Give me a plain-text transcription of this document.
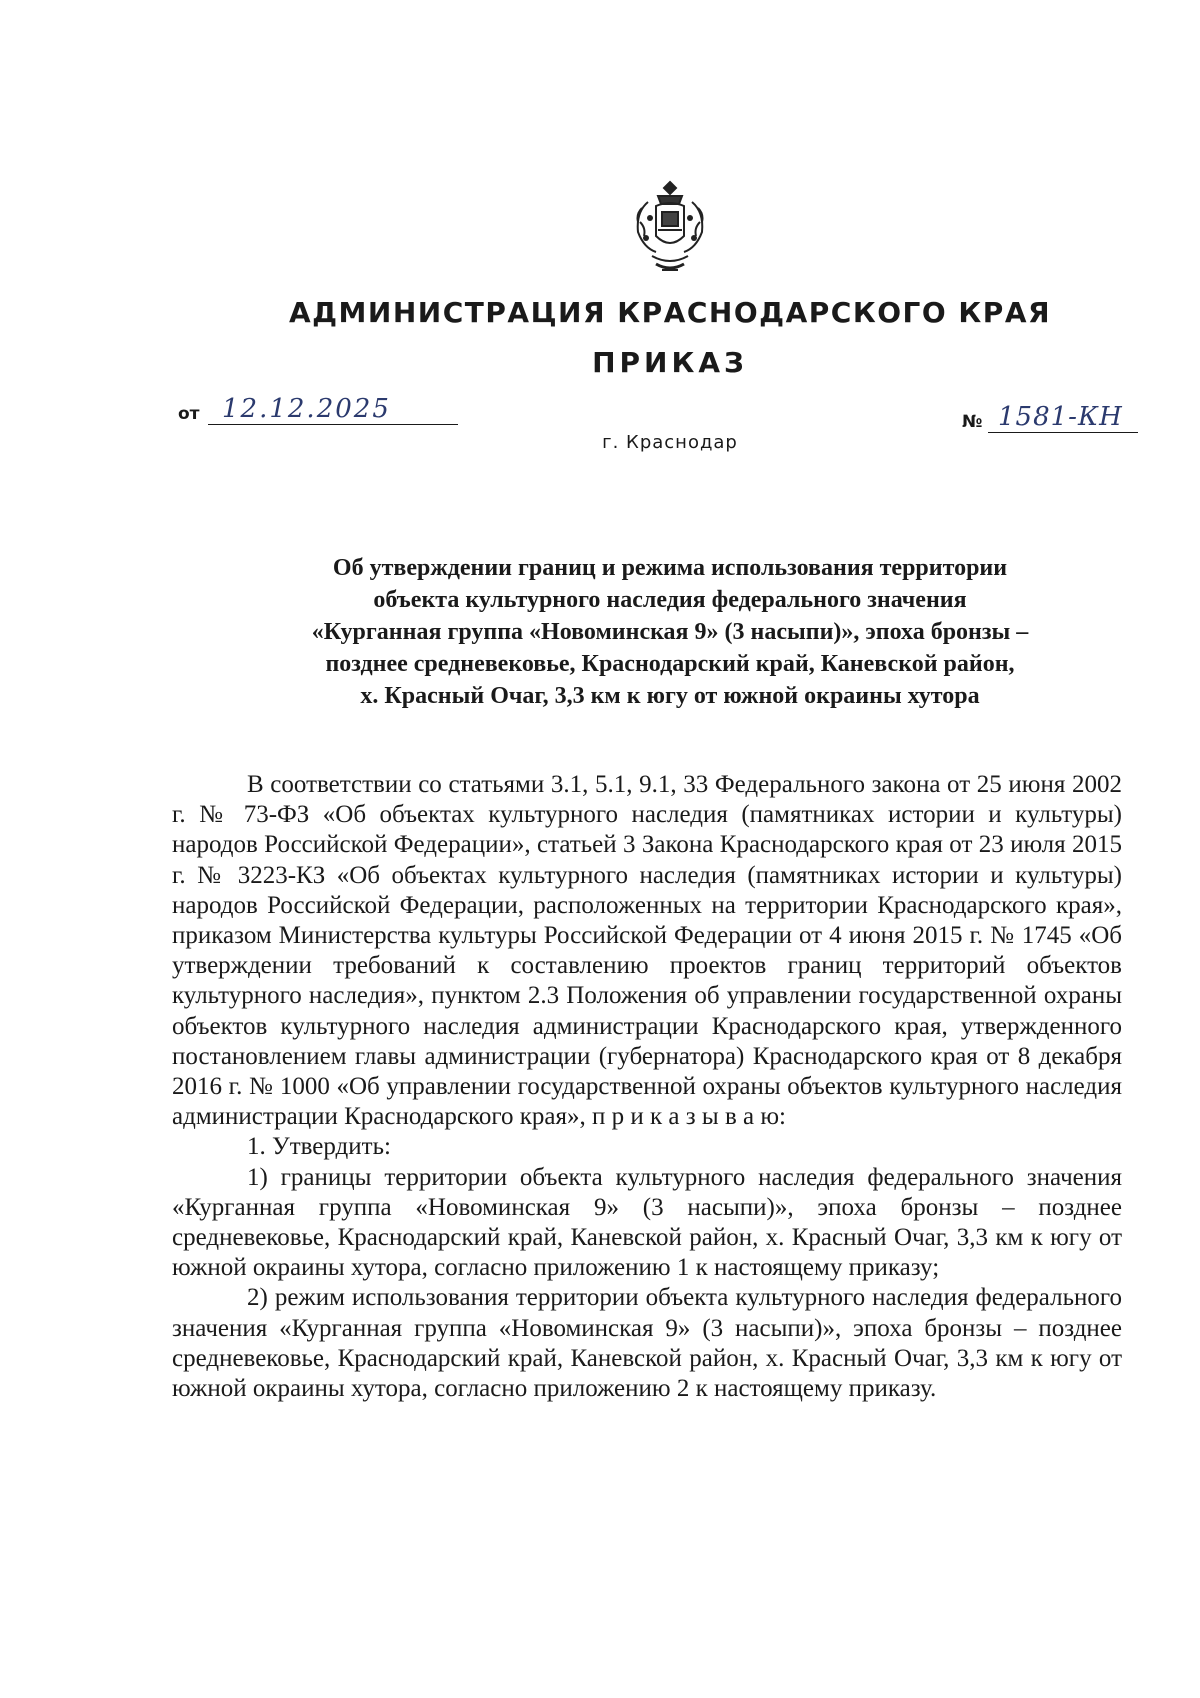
АДМИНИСТРАЦИЯ КРАСНОДАРСКОГО КРАЯ
ПРИКАЗ
от 12.12.2025
г. Краснодар
№ 1581-КН
Об утверждении границ и режима использования территории
объекта культурного наследия федерального значения
«Курганная группа «Новоминская 9» (3 насыпи)», эпоха бронзы –
позднее средневековье, Краснодарский край, Каневской район,
х. Красный Очаг, 3,3 км к югу от южной окраины хутора

В соответствии со статьями 3.1, 5.1, 9.1, 33 Федерального закона от 25 июня 2002 г. № 73-ФЗ «Об объектах культурного наследия (памятниках истории и культуры) народов Российской Федерации», статьей 3 Закона Краснодарского края от 23 июля 2015 г. № 3223-КЗ «Об объектах культурного наследия (памятниках истории и культуры) народов Российской Федерации, расположенных на территории Краснодарского края», приказом Министерства культуры Российской Федерации от 4 июня 2015 г. № 1745 «Об утверждении требований к составлению проектов границ территорий объектов культурного наследия», пунктом 2.3 Положения об управлении государственной охраны объектов культурного наследия администрации Краснодарского края, утвержденного постановлением главы администрации (губернатора) Краснодарского края от 8 декабря 2016 г. № 1000 «Об управлении государственной охраны объектов культурного наследия администрации Краснодарского края», п р и к а з ы в а ю:

1. Утвердить:

1) границы территории объекта культурного наследия федерального значения «Курганная группа «Новоминская 9» (3 насыпи)», эпоха бронзы – позднее средневековье, Краснодарский край, Каневской район, х. Красный Очаг, 3,3 км к югу от южной окраины хутора, согласно приложению 1 к настоящему приказу;

2) режим использования территории объекта культурного наследия федерального значения «Курганная группа «Новоминская 9» (3 насыпи)», эпоха бронзы – позднее средневековье, Краснодарский край, Каневской район, х. Красный Очаг, 3,3 км к югу от южной окраины хутора, согласно приложению 2 к настоящему приказу.
